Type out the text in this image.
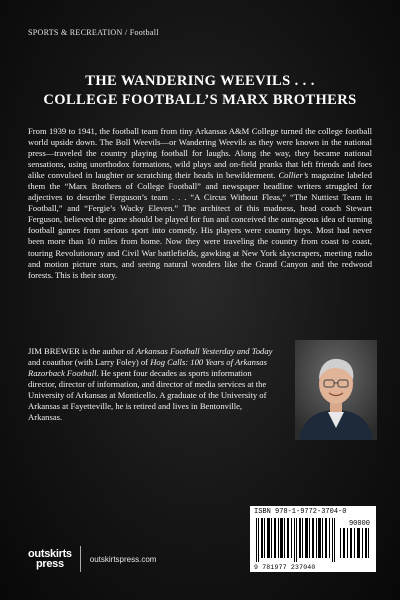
SPORTS & RECREATION / Football
THE WANDERING WEEVILS . . .
COLLEGE FOOTBALL’S MARX BROTHERS
From 1939 to 1941, the football team from tiny Arkansas A&M College turned the college football world upside down. The Boll Weevils—or Wandering Weevils as they were known in the national press—traveled the country playing football for laughs. Along the way, they became national sensations, using unorthodox formations, wild plays and on-field pranks that left friends and foes alike convulsed in laughter or scratching their heads in bewilderment. Collier’s magazine labeled them the “Marx Brothers of College Football” and newspaper headline writers struggled for adjectives to describe Ferguson’s team . . . “A Circus Without Fleas,” “The Nuttiest Team in Football,” and “Fergie’s Wacky Eleven.” The architect of this madness, head coach Stewart Ferguson, believed the game should be played for fun and conceived the outrageous idea of turning football games from serious sport into comedy. His players were country boys. Most had never been more than 10 miles from home. Now they were traveling the country from coast to coast, touring Revolutionary and Civil War battlefields, gawking at New York skyscrapers, meeting radio and motion picture stars, and seeing natural wonders like the Grand Canyon and the redwood forests. This is their story.
JIM BREWER is the author of Arkansas Football Yesterday and Today and coauthor (with Larry Foley) of Hog Calls: 100 Years of Arkansas Razorback Football. He spent four decades as sports information director, director of information, and director of media services at the University of Arkansas at Monticello. A graduate of the University of Arkansas at Fayetteville, he is retired and lives in Bentonville, Arkansas.
ISBN 978-1-9772-3704-0
90000
9 781977 237040
outskirts
press	outskirtspress.com
